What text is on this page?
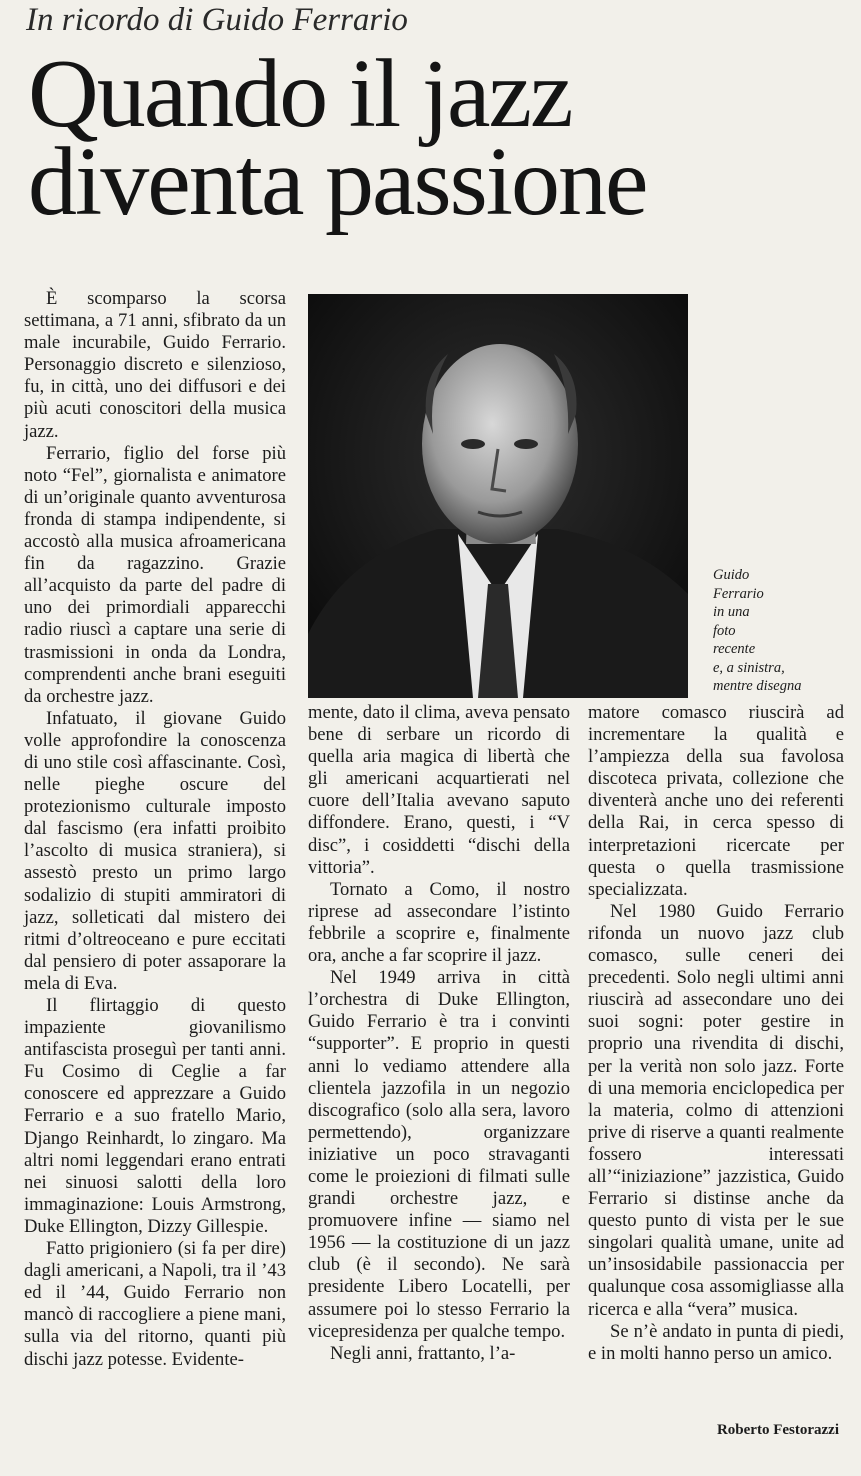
In ricordo di Guido Ferrario
Quando il jazz
diventa passione
Guido
Ferrario
in una
foto
recente
e, a sinistra,
mentre disegna

È scomparso la scorsa settimana, a 71 anni, sfibrato da un male incurabile, Guido Ferrario. Personaggio discreto e silenzioso, fu, in città, uno dei diffusori e dei più acuti conoscitori della musica jazz.

Ferrario, figlio del forse più noto “Fel”, giornalista e animatore di un’originale quanto avventurosa fronda di stampa indipendente, si accostò alla musica afroamericana fin da ragazzino. Grazie all’acquisto da parte del padre di uno dei primordiali apparecchi radio riuscì a captare una serie di trasmissioni in onda da Londra, comprendenti anche brani eseguiti da orchestre jazz.

Infatuato, il giovane Guido volle approfondire la conoscenza di uno stile così affascinante. Così, nelle pieghe oscure del protezionismo culturale imposto dal fascismo (era infatti proibito l’ascolto di musica straniera), si assestò presto un primo largo sodalizio di stupiti ammiratori di jazz, solleticati dal mistero dei ritmi d’oltreoceano e pure eccitati dal pensiero di poter assaporare la mela di Eva.

Il flirtaggio di questo impaziente giovanilismo antifascista proseguì per tanti anni. Fu Cosimo di Ceglie a far conoscere ed apprezzare a Guido Ferrario e a suo fratello Mario, Django Reinhardt, lo zingaro. Ma altri nomi leggendari erano entrati nei sinuosi salotti della loro immaginazione: Louis Armstrong, Duke Ellington, Dizzy Gillespie.

Fatto prigioniero (si fa per dire) dagli americani, a Napoli, tra il ’43 ed il ’44, Guido Ferrario non mancò di raccogliere a piene mani, sulla via del ritorno, quanti più dischi jazz potesse. Evidente-

mente, dato il clima, aveva pensato bene di serbare un ricordo di quella aria magica di libertà che gli americani acquartierati nel cuore dell’Italia avevano saputo diffondere. Erano, questi, i “V disc”, i cosiddetti “dischi della vittoria”.

Tornato a Como, il nostro riprese ad assecondare l’istinto febbrile a scoprire e, finalmente ora, anche a far scoprire il jazz.

Nel 1949 arriva in città l’orchestra di Duke Ellington, Guido Ferrario è tra i convinti “supporter”. E proprio in questi anni lo vediamo attendere alla clientela jazzofila in un negozio discografico (solo alla sera, lavoro permettendo), organizzare iniziative un poco stravaganti come le proiezioni di filmati sulle grandi orchestre jazz, e promuovere infine — siamo nel 1956 — la costituzione di un jazz club (è il secondo). Ne sarà presidente Libero Locatelli, per assumere poi lo stesso Ferrario la vicepresidenza per qualche tempo.

Negli anni, frattanto, l’a-

matore comasco riuscirà ad incrementare la qualità e l’ampiezza della sua favolosa discoteca privata, collezione che diventerà anche uno dei referenti della Rai, in cerca spesso di interpretazioni ricercate per questa o quella trasmissione specializzata.

Nel 1980 Guido Ferrario rifonda un nuovo jazz club comasco, sulle ceneri dei precedenti. Solo negli ultimi anni riuscirà ad assecondare uno dei suoi sogni: poter gestire in proprio una rivendita di dischi, per la verità non solo jazz. Forte di una memoria enciclopedica per la materia, colmo di attenzioni prive di riserve a quanti realmente fossero interessati all’“iniziazione” jazzistica, Guido Ferrario si distinse anche da questo punto di vista per le sue singolari qualità umane, unite ad un’insosidabile passionaccia per qualunque cosa assomigliasse alla ricerca e alla “vera” musica.

Se n’è andato in punta di piedi, e in molti hanno perso un amico.

Roberto Festorazzi
